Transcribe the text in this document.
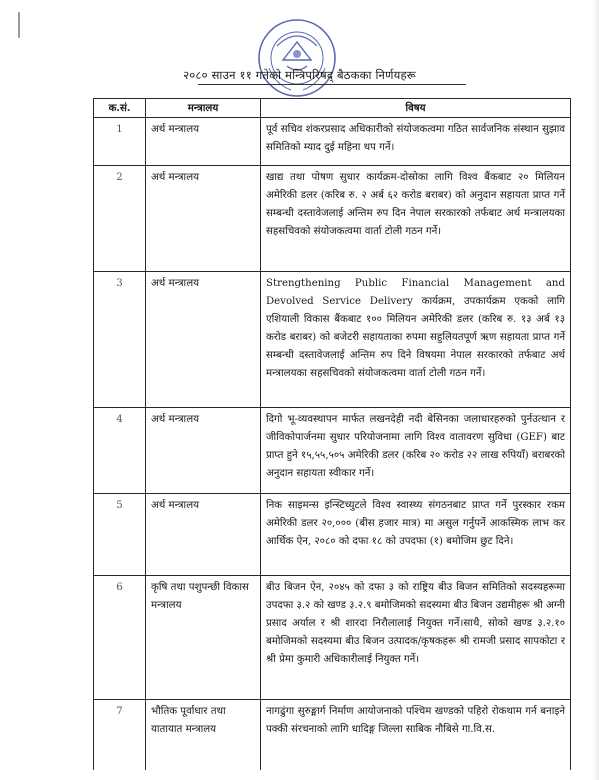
२०८० साउन ११ गतेको मन्त्रिपरिषद् बैठकका निर्णयहरू
क.सं.	मन्त्रालय	विषय
1	अर्थ मन्त्रालय	पूर्व सचिव शंकरप्रसाद अधिकारीको संयोजकत्वमा गठित सार्वजनिक संस्थान सुझाव समितिको म्याद दुई महिना थप गर्ने।
2	अर्थ मन्त्रालय	खाद्य तथा पोषण सुधार कार्यक्रम-दोस्रोका लागि विश्व बैंकबाट २० मिलियन अमेरिकी डलर (करिब रु. २ अर्ब ६२ करोड बराबर) को अनुदान सहायता प्राप्त गर्ने सम्बन्धी दस्तावेजलाई अन्तिम रुप दिन नेपाल सरकारको तर्फबाट अर्थ मन्त्रालयका सहसचिवको संयोजकत्वमा वार्ता टोली गठन गर्ने।
3	अर्थ मन्त्रालय	Strengthening Public Financial Management and Devolved Service Delivery कार्यक्रम, उपकार्यक्रम एकको लागि एशियाली विकास बैंकबाट १०० मिलियन अमेरिकी डलर (करिब रु. १३ अर्ब १३ करोड बराबर) को बजेटरी सहायताका रुपमा सहुलियतपूर्ण ऋण सहायता प्राप्त गर्ने सम्बन्धी दस्तावेजलाई अन्तिम रुप दिने विषयमा नेपाल सरकारको तर्फबाट अर्थ मन्त्रालयका सहसचिवको संयोजकत्वमा वार्ता टोली गठन गर्ने।
4	अर्थ मन्त्रालय	दिगो भू-व्यवस्थापन मार्फत लखनदेही नदी बेसिनका जलाधारहरुको पुर्नउत्थान र जीविकोपार्जनमा सुधार परियोजनामा लागि विश्व वातावरण सुविधा (GEF) बाट प्राप्त हुने १५,५५,५०५ अमेरिकी डलर (करिब २० करोड २२ लाख रुपियाँ) बराबरको अनुदान सहायता स्वीकार गर्ने।
5	अर्थ मन्त्रालय	निक साइमन्स इन्स्टिच्युटले विश्व स्वास्थ्य संगठनबाट प्राप्त गर्ने पुरस्कार रकम अमेरिकी डलर २०,००० (बीस हजार मात्र) मा असुल गर्नुपर्ने आकस्मिक लाभ कर आर्थिक ऐन, २०८० को दफा १८ को उपदफा (१) बमोजिम छुट दिने।
6	कृषि तथा पशुपन्छी विकास मन्त्रालय	बीउ बिजन ऐन, २०४५ को दफा ३ को राष्ट्रिय बीउ बिजन समितिको सदस्यहरूमा उपदफा ३.२ को खण्ड ३.२.९ बमोजिमको सदस्यमा बीउ बिजन उद्यमीहरू श्री अग्नी प्रसाद अर्याल र श्री शारदा निरौलालाई नियुक्त गर्ने।साथै, सोको खण्ड ३.२.१० बमोजिमको सदस्यमा बीउ बिजन उत्पादक/कृषकहरू श्री रामजी प्रसाद सापकोटा र श्री प्रेमा कुमारी अधिकारीलाई नियुक्त गर्ने।
7	भौतिक पूर्वाधार तथा यातायात मन्त्रालय	नागढुंगा सुरुङ्मार्ग निर्माण आयोजनाको पश्चिम खण्डको पहिरो रोकथाम गर्न बनाइने पक्की संरचनाको लागि धादिङ्ग जिल्ला साबिक नौबिसे गा.वि.स.
